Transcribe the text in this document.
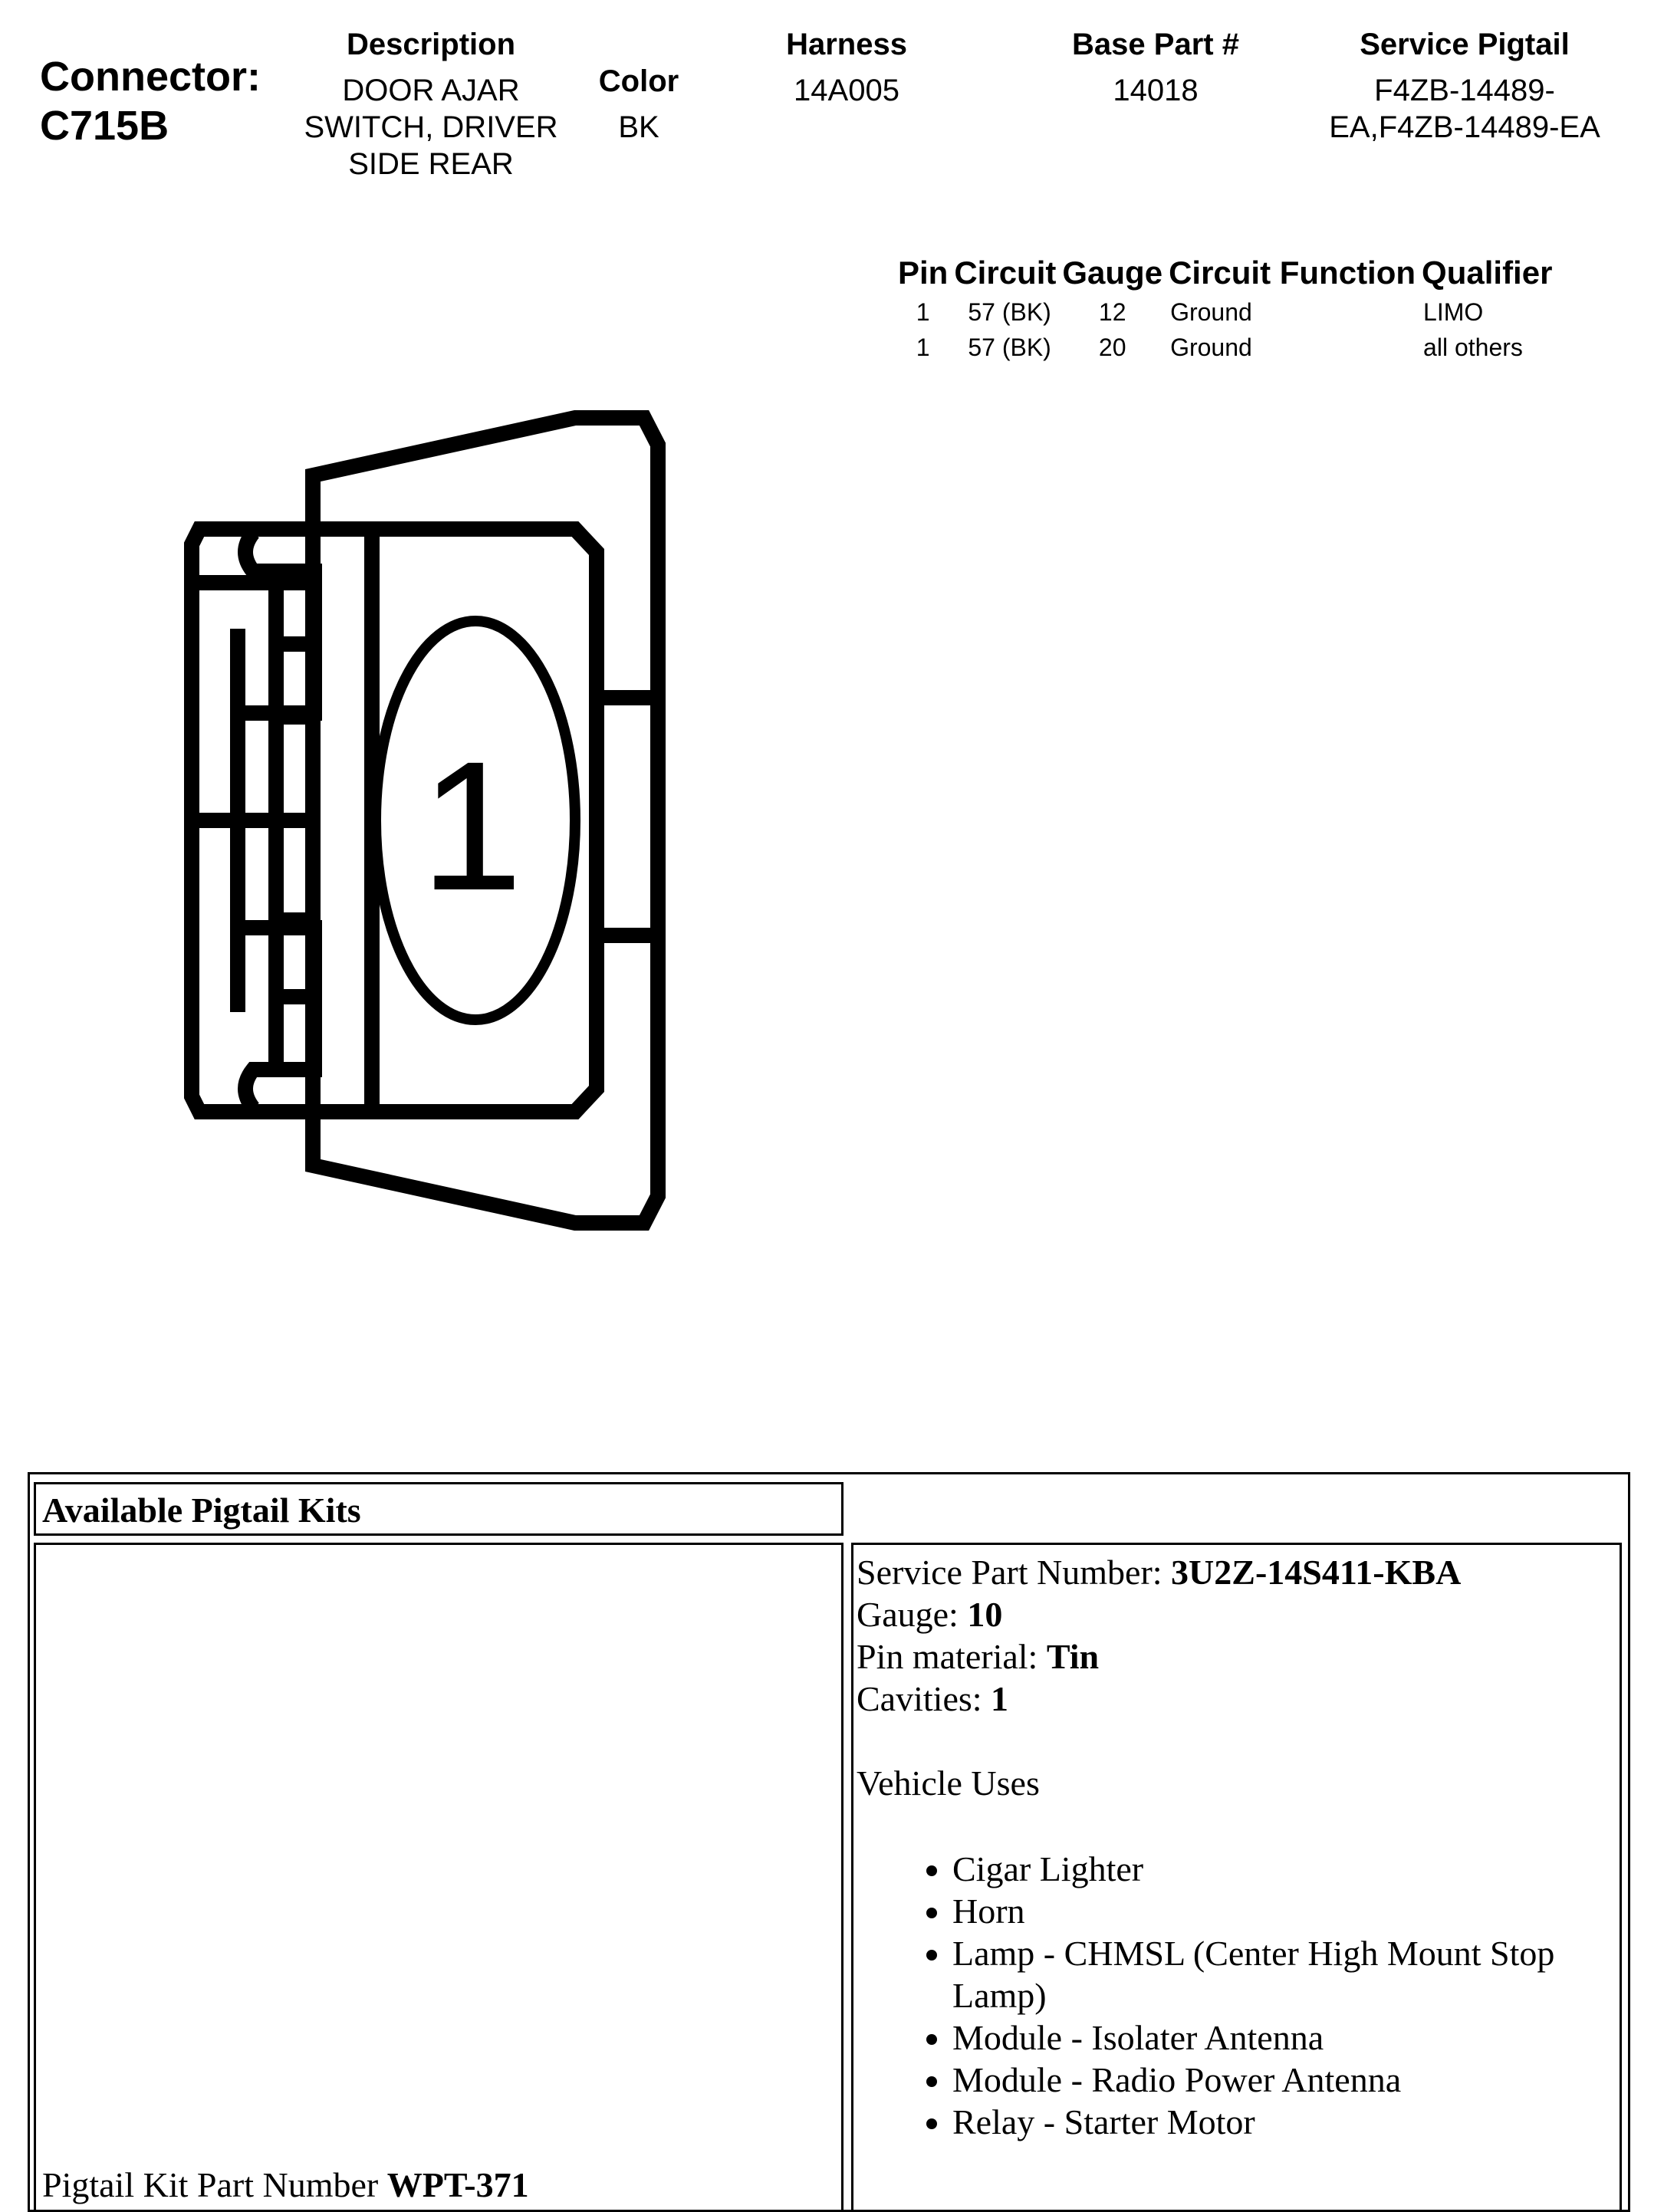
Connector:
C715B
Description
DOOR AJAR
SWITCH, DRIVER
SIDE REAR
Color
BK
Harness
14A005
Base Part #
14018
Service Pigtail
F4ZB-14489-
EA,F4ZB-14489-EA
Pin	Circuit	Gauge	Circuit Function	Qualifier
1	57 (BK)	12	Ground	LIMO
1	57 (BK)	20	Ground	all others
1
Available Pigtail Kits
Pigtail Kit Part Number WPT-371
Service Part Number: 3U2Z-14S411-KBA
Gauge: 10
Pin material: Tin
Cavities: 1
Vehicle Uses
• Cigar Lighter
• Horn
• Lamp - CHMSL (Center High Mount Stop Lamp)
• Module - Isolater Antenna
• Module - Radio Power Antenna
• Relay - Starter Motor
